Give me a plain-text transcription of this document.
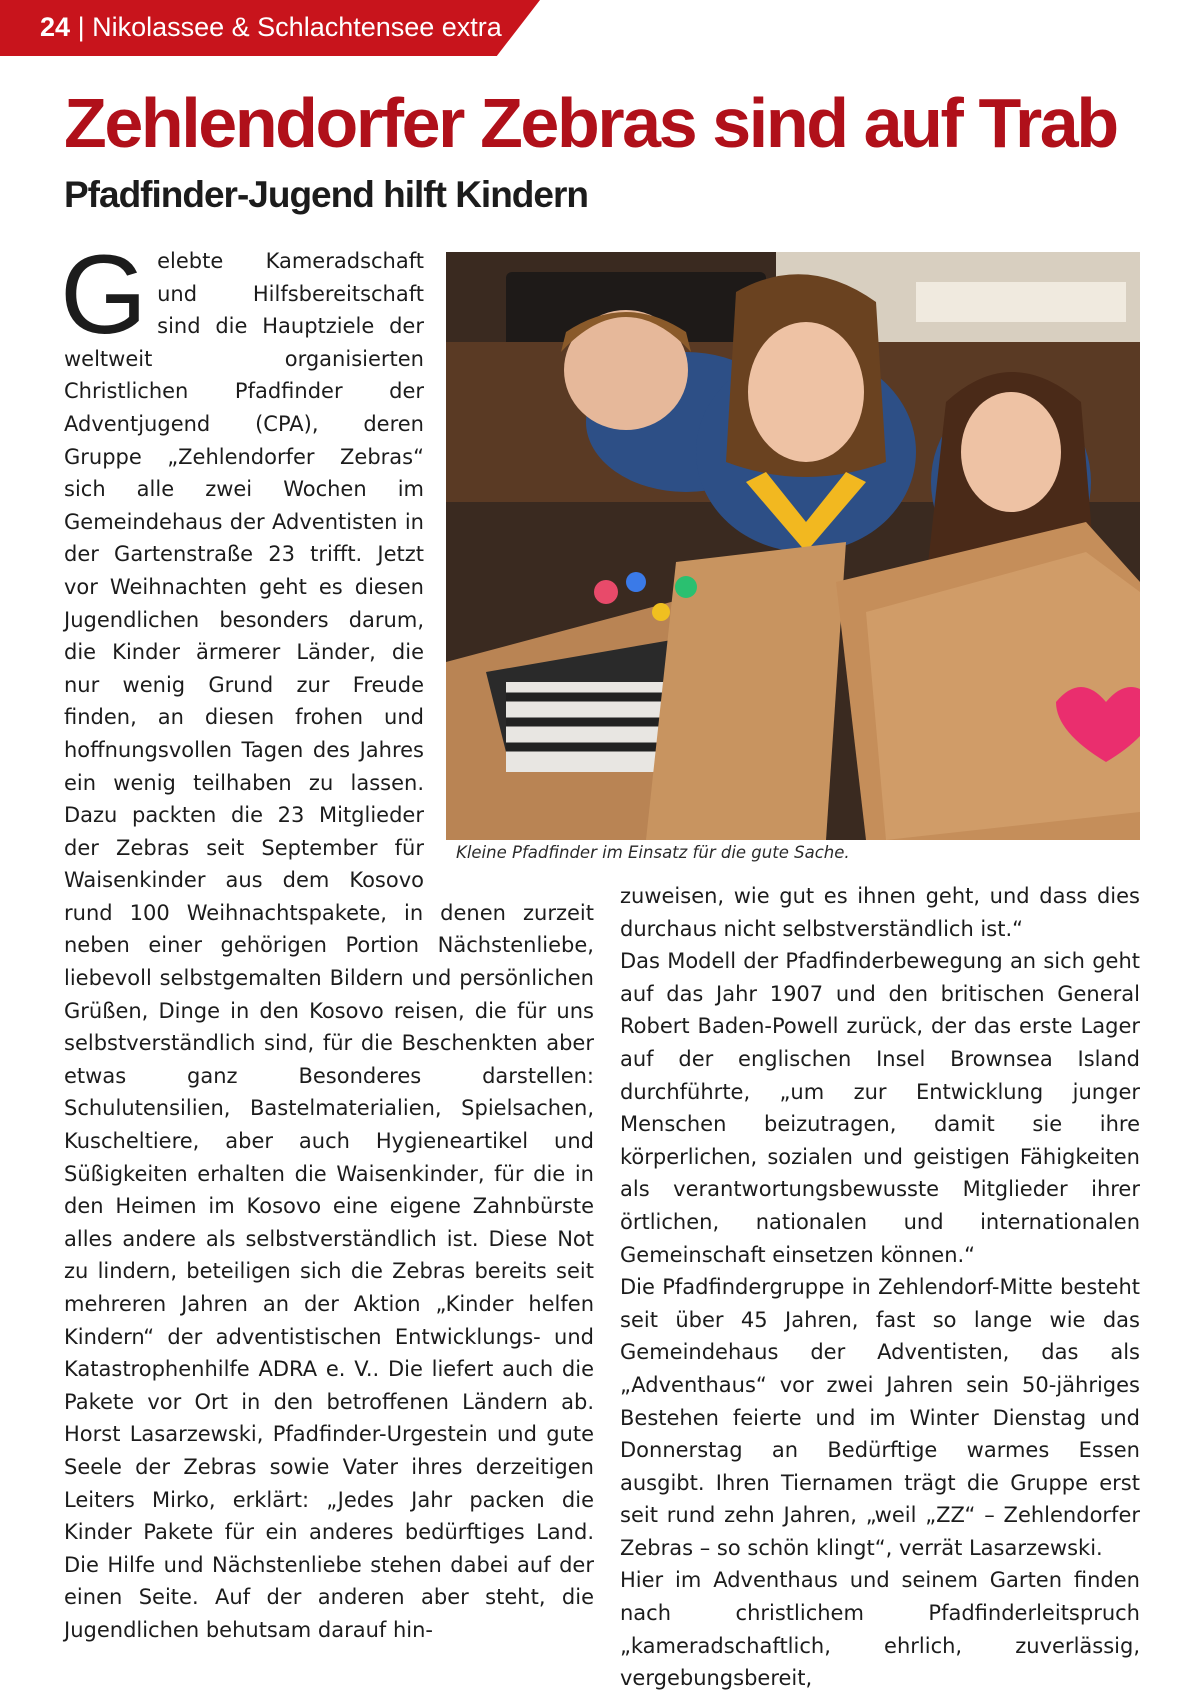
24 | Nikolassee & Schlachtensee extra
Zehlendorfer Zebras sind auf Trab
Pfadfinder-Jugend hilft Kindern
Kleine Pfadfinder im Einsatz für die gute Sache.

Gelebte Kameradschaft und Hilfsbereitschaft sind die Hauptziele der weltweit organisierten Christlichen Pfadfinder der Adventjugend (CPA), deren Gruppe „Zehlendorfer Zebras“ sich alle zwei Wochen im Gemeindehaus der Adventisten in der Gartenstraße 23 trifft. Jetzt vor Weihnachten geht es diesen Jugendlichen besonders darum, die Kinder ärmerer Länder, die nur wenig Grund zur Freude finden, an diesen frohen und hoffnungsvollen Tagen des Jahres ein wenig teilhaben zu lassen. Dazu packten die 23 Mitglieder der Zebras seit September für Waisenkinder aus dem Kosovo rund 100 Weihnachtspakete, in denen zurzeit neben einer gehörigen Portion Nächstenliebe, liebevoll selbstgemalten Bildern und persönlichen Grüßen, Dinge in den Kosovo reisen, die für uns selbstverständlich sind, für die Beschenkten aber etwas ganz Besonderes darstellen: Schulutensilien, Bastelmaterialien, Spielsachen, Kuscheltiere, aber auch Hygieneartikel und Süßigkeiten erhalten die Waisenkinder, für die in den Heimen im Kosovo eine eigene Zahnbürste alles andere als selbstverständlich ist. Diese Not zu lindern, beteiligen sich die Zebras bereits seit mehreren Jahren an der Aktion „Kinder helfen Kindern“ der adventistischen Entwicklungs- und Katastrophenhilfe ADRA e. V.. Die liefert auch die Pakete vor Ort in den betroffenen Ländern ab. Horst Lasarzewski, Pfadfinder-Urgestein und gute Seele der Zebras sowie Vater ihres derzeitigen Leiters Mirko, erklärt: „Jedes Jahr packen die Kinder Pakete für ein anderes bedürftiges Land. Die Hilfe und Nächstenliebe stehen dabei auf der einen Seite. Auf der anderen aber steht, die Jugendlichen behutsam darauf hin-

zuweisen, wie gut es ihnen geht, und dass dies durchaus nicht selbstverständlich ist.“

Das Modell der Pfadfinderbewegung an sich geht auf das Jahr 1907 und den britischen General Robert Baden-Powell zurück, der das erste Lager auf der englischen Insel Brownsea Island durchführte, „um zur Entwicklung junger Menschen beizutragen, damit sie ihre körperlichen, sozialen und geistigen Fähigkeiten als verantwortungsbewusste Mitglieder ihrer örtlichen, nationalen und internationalen Gemeinschaft einsetzen können.“

Die Pfadfindergruppe in Zehlendorf-Mitte besteht seit über 45 Jahren, fast so lange wie das Gemeindehaus der Adventisten, das als „Adventhaus“ vor zwei Jahren sein 50-jähriges Bestehen feierte und im Winter Dienstag und Donnerstag an Bedürftige warmes Essen ausgibt. Ihren Tiernamen trägt die Gruppe erst seit rund zehn Jahren, „weil „ZZ“ – Zehlendorfer Zebras – so schön klingt“, verrät Lasarzewski.

Hier im Adventhaus und seinem Garten finden nach christlichem Pfadfinderleitspruch „kameradschaftlich, ehrlich, zuverlässig, vergebungsbereit,
